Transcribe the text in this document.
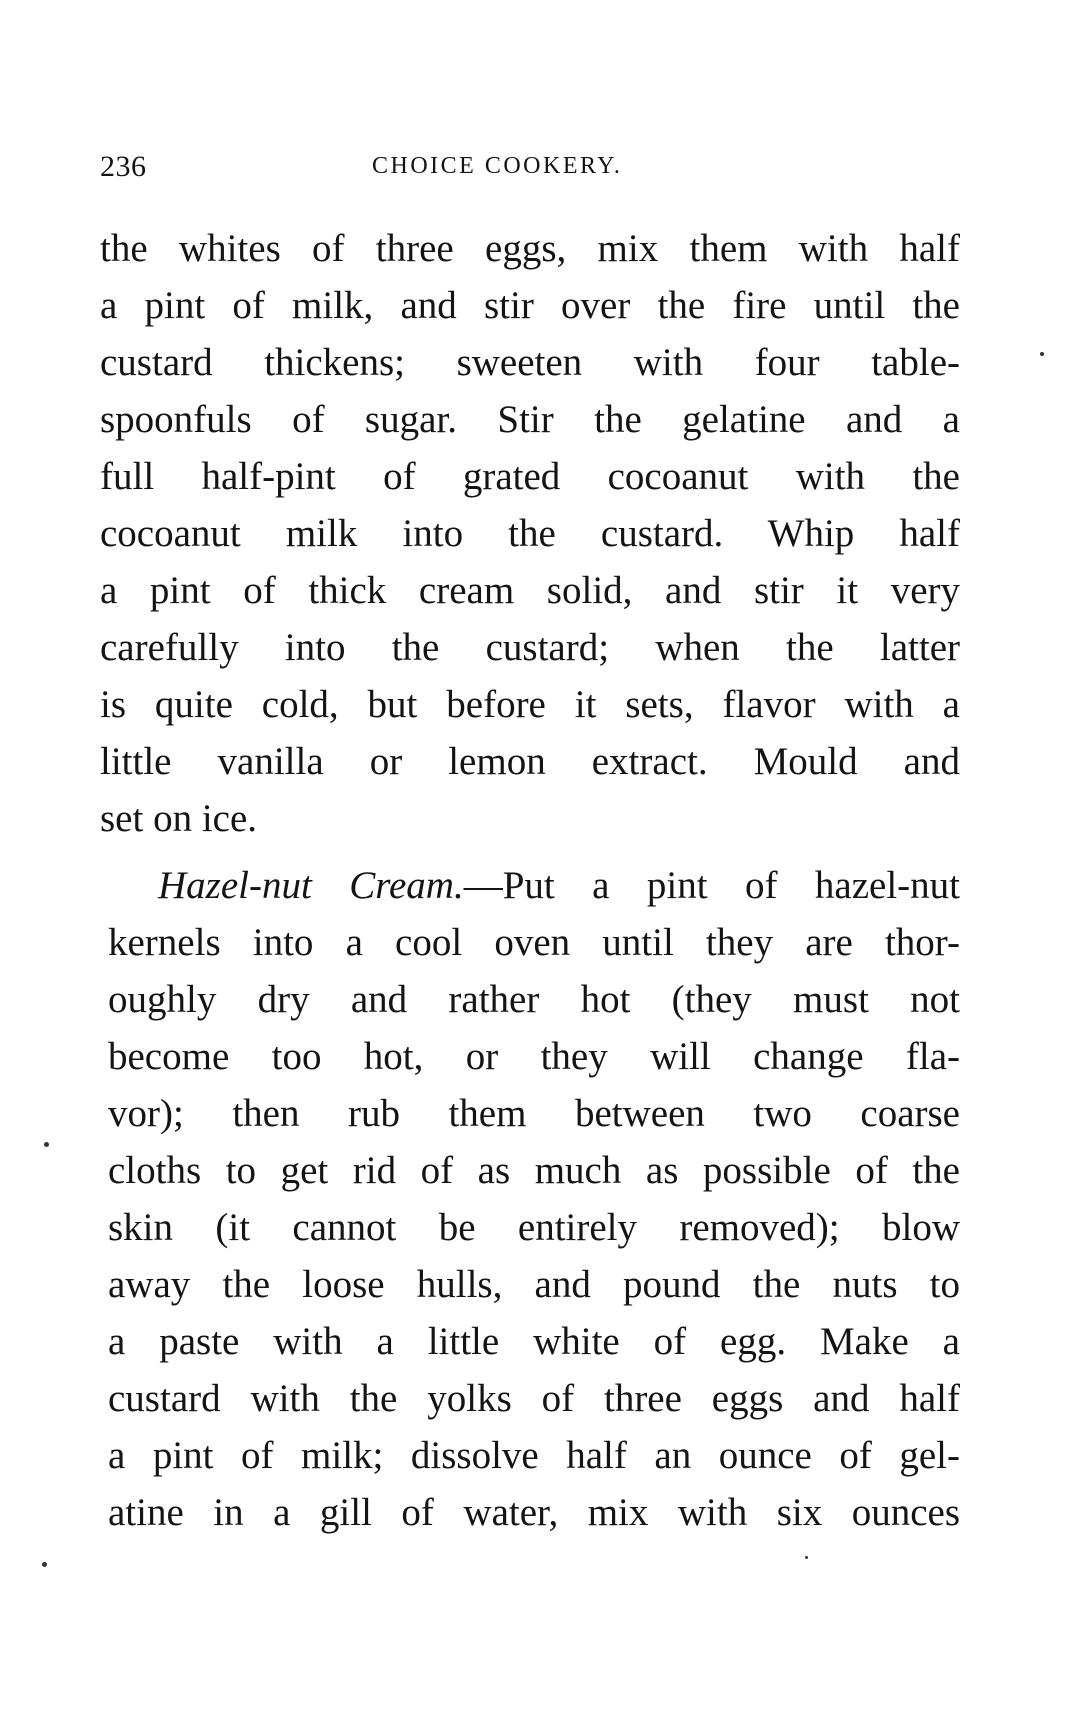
236	CHOICE COOKERY.
the whites of three eggs, mix them with half
a pint of milk, and stir over the fire until the
custard thickens; sweeten with four table-
spoonfuls of sugar. Stir the gelatine and a
full half-pint of grated cocoanut with the
cocoanut milk into the custard. Whip half
a pint of thick cream solid, and stir it very
carefully into the custard; when the latter
is quite cold, but before it sets, flavor with a
little vanilla or lemon extract. Mould and
set on ice.
Hazel-nut Cream.—Put a pint of hazel-nut
kernels into a cool oven until they are thor-
oughly dry and rather hot (they must not
become too hot, or they will change fla-
vor); then rub them between two coarse
cloths to get rid of as much as possible of the
skin (it cannot be entirely removed); blow
away the loose hulls, and pound the nuts to
a paste with a little white of egg. Make a
custard with the yolks of three eggs and half
a pint of milk; dissolve half an ounce of gel-
atine in a gill of water, mix with six ounces
